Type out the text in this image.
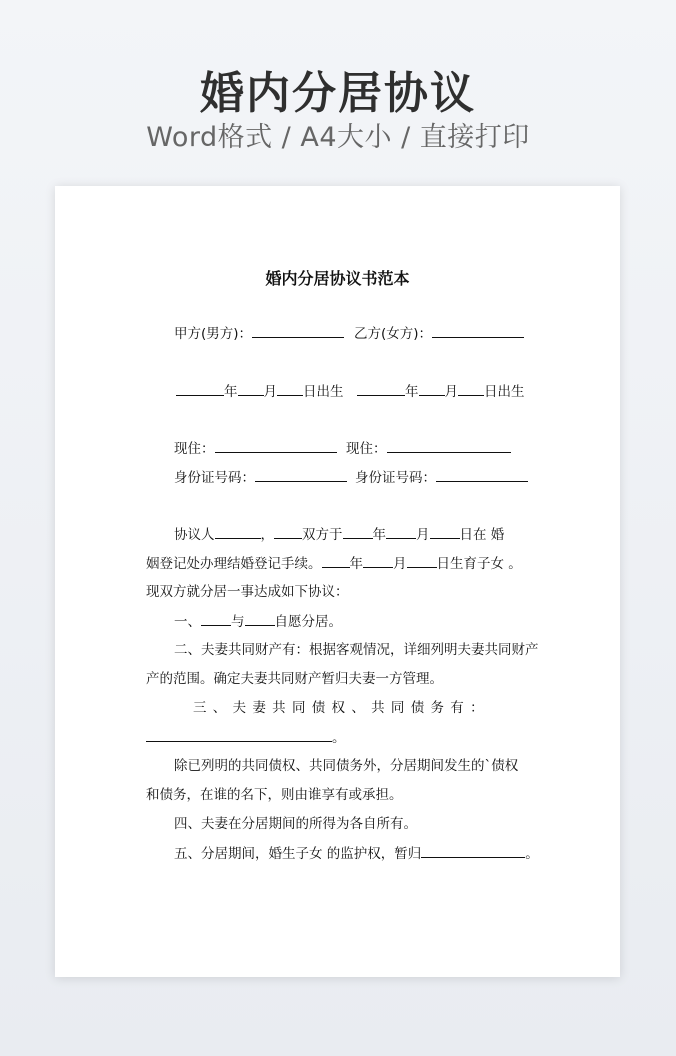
婚内分居协议
Word格式 / A4大小 / 直接打印
婚内分居协议书范本
甲方(男方)：	乙方(女方)：
年 月 日出生	年 月 日出生
现住：	现住：
身份证号码：	身份证号码：
协议人	， 双方于 年 月 日在 婚
姻登记处办理结婚登记手续。 年 月 日生育子女 。
现双方就分居一事达成如下协议：
一、 与 自愿分居。
二、夫妻共同财产有：根据客观情况，详细列明夫妻共同财产
产的范围。确定夫妻共同财产暂归夫妻一方管理。
三 、 夫 妻 共 同 债 权 、 共 同 债 务 有 ：
。
除已列明的共同债权、共同债务外，分居期间发生的`债权
和债务，在谁的名下，则由谁享有或承担。
四、夫妻在分居期间的所得为各自所有。
五、分居期间，婚生子女 的监护权，暂归	。
